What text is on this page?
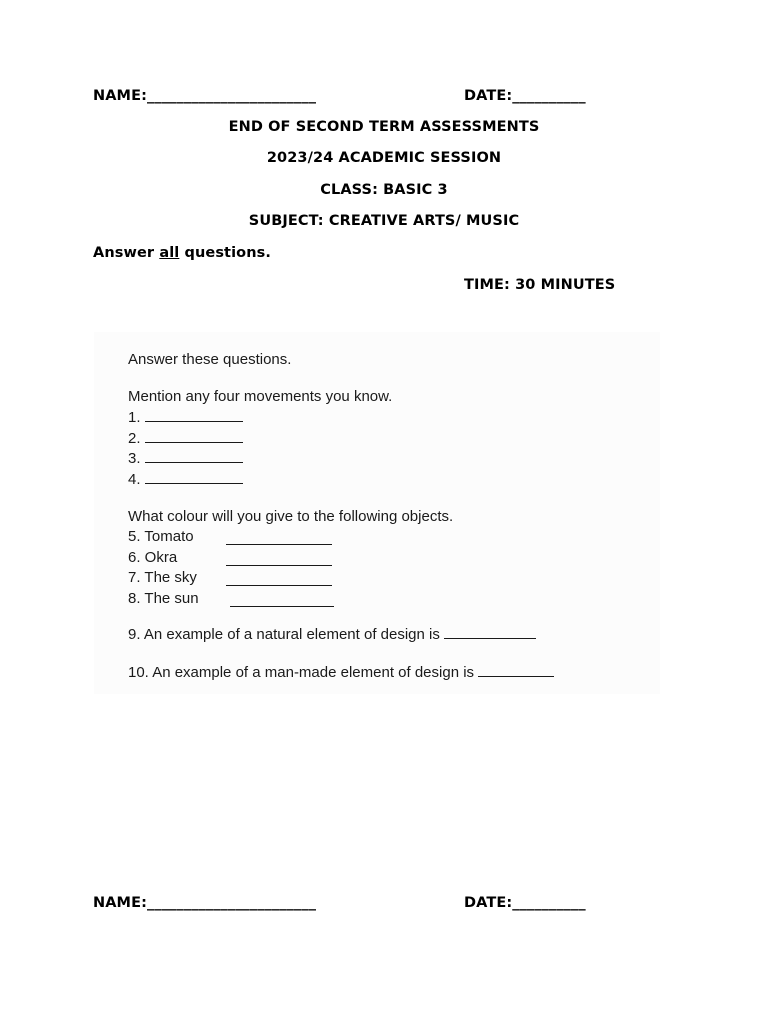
NAME:_______________________	DATE:__________
END OF SECOND TERM ASSESSMENTS
2023/24 ACADEMIC SESSION
CLASS: BASIC 3
SUBJECT: CREATIVE ARTS/ MUSIC
Answer all questions.
TIME: 30 MINUTES
Answer these questions.
Mention any four movements you know.
1.
2.
3.
4.
What colour will you give to the following objects.
5. Tomato
6. Okra
7. The sky
8. The sun
9. An example of a natural element of design is
10. An example of a man-made element of design is
NAME:_______________________	DATE:__________
